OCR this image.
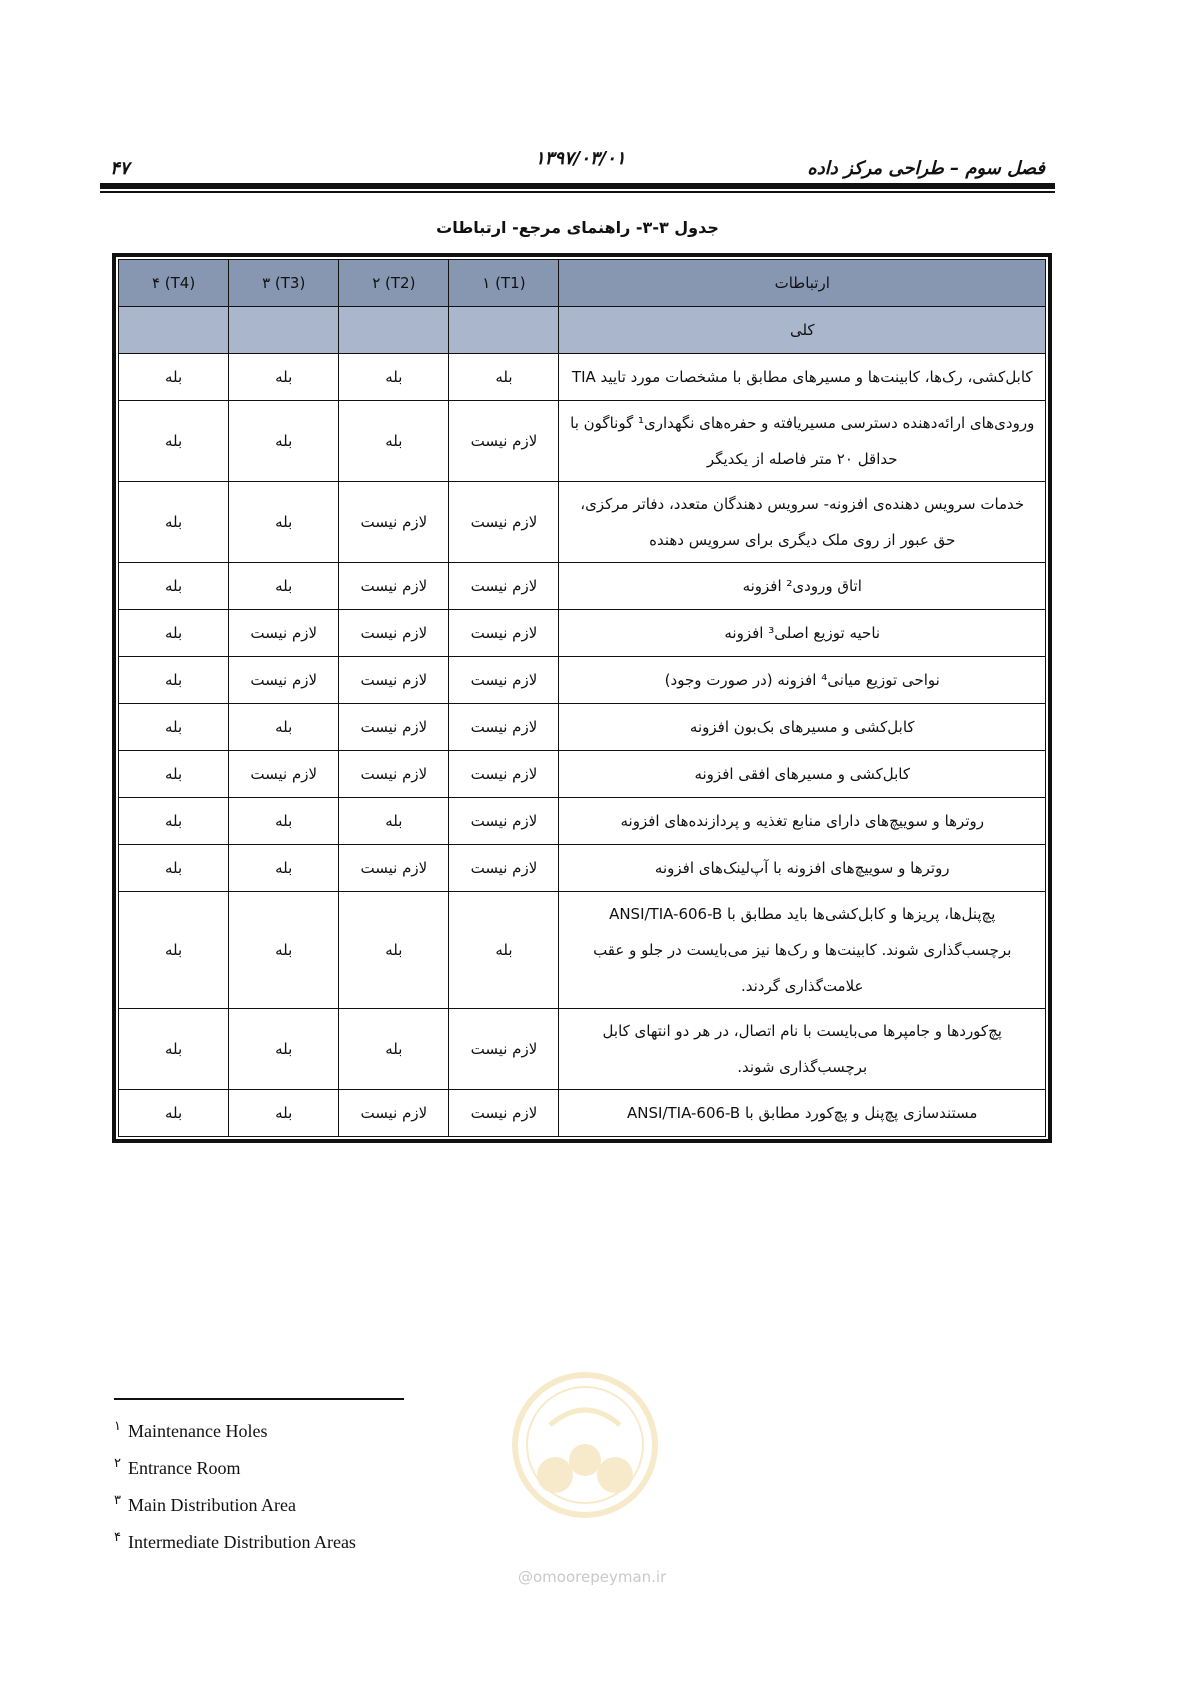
فصل سوم – طراحی مرکز داده
۱۳۹۷/۰۳/۰۱
۴۷
جدول ۳-۳- راهنمای مرجع- ارتباطات
ارتباطات	(T1) ۱	(T2) ۲	(T3) ۳	(T4) ۴
کلی				
کابل‌کشی، رک‌ها، کابینت‌ها و مسیرهای مطابق با مشخصات مورد تایید TIA	بله	بله	بله	بله
ورودی‌های ارائه‌دهنده دسترسی مسیریافته و حفره‌های نگهداری¹ گوناگون با حداقل ۲۰ متر فاصله از یکدیگر	لازم نیست	بله	بله	بله
خدمات سرویس دهنده‌ی افزونه- سرویس دهندگان متعدد، دفاتر مرکزی، حق عبور از روی ملک دیگری برای سرویس دهنده	لازم نیست	لازم نیست	بله	بله
اتاق ورودی² افزونه	لازم نیست	لازم نیست	بله	بله
ناحیه توزیع اصلی³ افزونه	لازم نیست	لازم نیست	لازم نیست	بله
نواحی توزیع میانی⁴ افزونه (در صورت وجود)	لازم نیست	لازم نیست	لازم نیست	بله
کابل‌کشی و مسیرهای بک‌بون افزونه	لازم نیست	لازم نیست	بله	بله
کابل‌کشی و مسیرهای افقی افزونه	لازم نیست	لازم نیست	لازم نیست	بله
روترها و سوییچ‌های دارای منابع تغذیه و پردازنده‌های افزونه	لازم نیست	بله	بله	بله
روترها و سوییچ‌های افزونه با آپ‌لینک‌های افزونه	لازم نیست	لازم نیست	بله	بله
پچ‌پنل‌ها، پریزها و کابل‌کشی‌ها باید مطابق با ANSI/TIA-606-B برچسب‌گذاری شوند. کابینت‌ها و رک‌ها نیز می‌بایست در جلو و عقب علامت‌گذاری گردند.	بله	بله	بله	بله
پچ‌کوردها و جامپرها می‌بایست با نام اتصال، در هر دو انتهای کابل برچسب‌گذاری شوند.	لازم نیست	بله	بله	بله
مستندسازی پچ‌پنل و پچ‌کورد مطابق با ANSI/TIA-606-B	لازم نیست	لازم نیست	بله	بله
@omoorepeyman.ir
۱ Maintenance Holes
۲ Entrance Room
۳ Main Distribution Area
۴ Intermediate Distribution Areas
